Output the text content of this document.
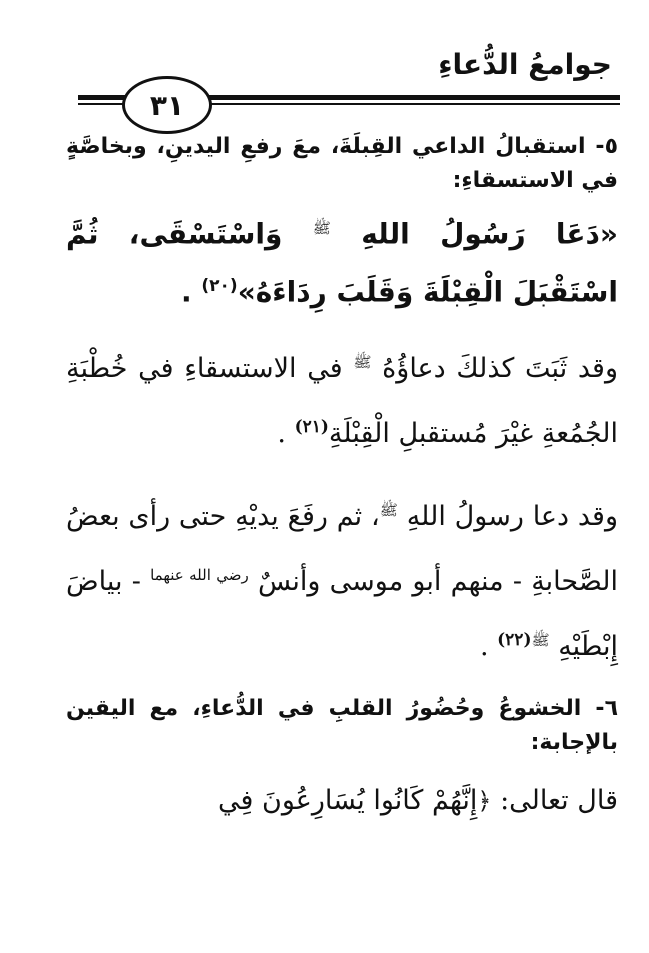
جوامعُ الدُّعاءِ
٣١

٥- استقبالُ الداعي القِبلَةَ، معَ رفعِ اليدينِ، وبخاصَّةٍ في الاستسقاءِ:

«دَعَا رَسُولُ اللهِ $^ﷺ$ وَاسْتَسْقَى، ثُمَّ اسْتَقْبَلَ الْقِبْلَةَ وَقَلَبَ رِدَاءَهُ»$^{(٢٠)}$ .

وقد ثَبَتَ كذلكَ دعاؤُهُ $^ﷺ$ في الاستسقاءِ في خُطْبَةِ الجُمُعةِ غيْرَ مُستقبلِ الْقِبْلَةِ$^{(٢١)}$ .

وقد دعا رسولُ اللهِ $^ﷺ$، ثم رفَعَ يديْهِ حتى رأى بعضُ الصَّحابةِ - منهم أبو موسى وأنسٌ $^{رضي الله عنهما}$ - بياضَ إِبْطَيْهِ $^{ﷺ(٢٢)}$ .

٦- الخشوعُ وحُضُورُ القلبِ في الدُّعاءِ، مع اليقين بالإجابة:

قال تعالى: ﴿إِنَّهُمْ كَانُوا يُسَارِعُونَ فِي
